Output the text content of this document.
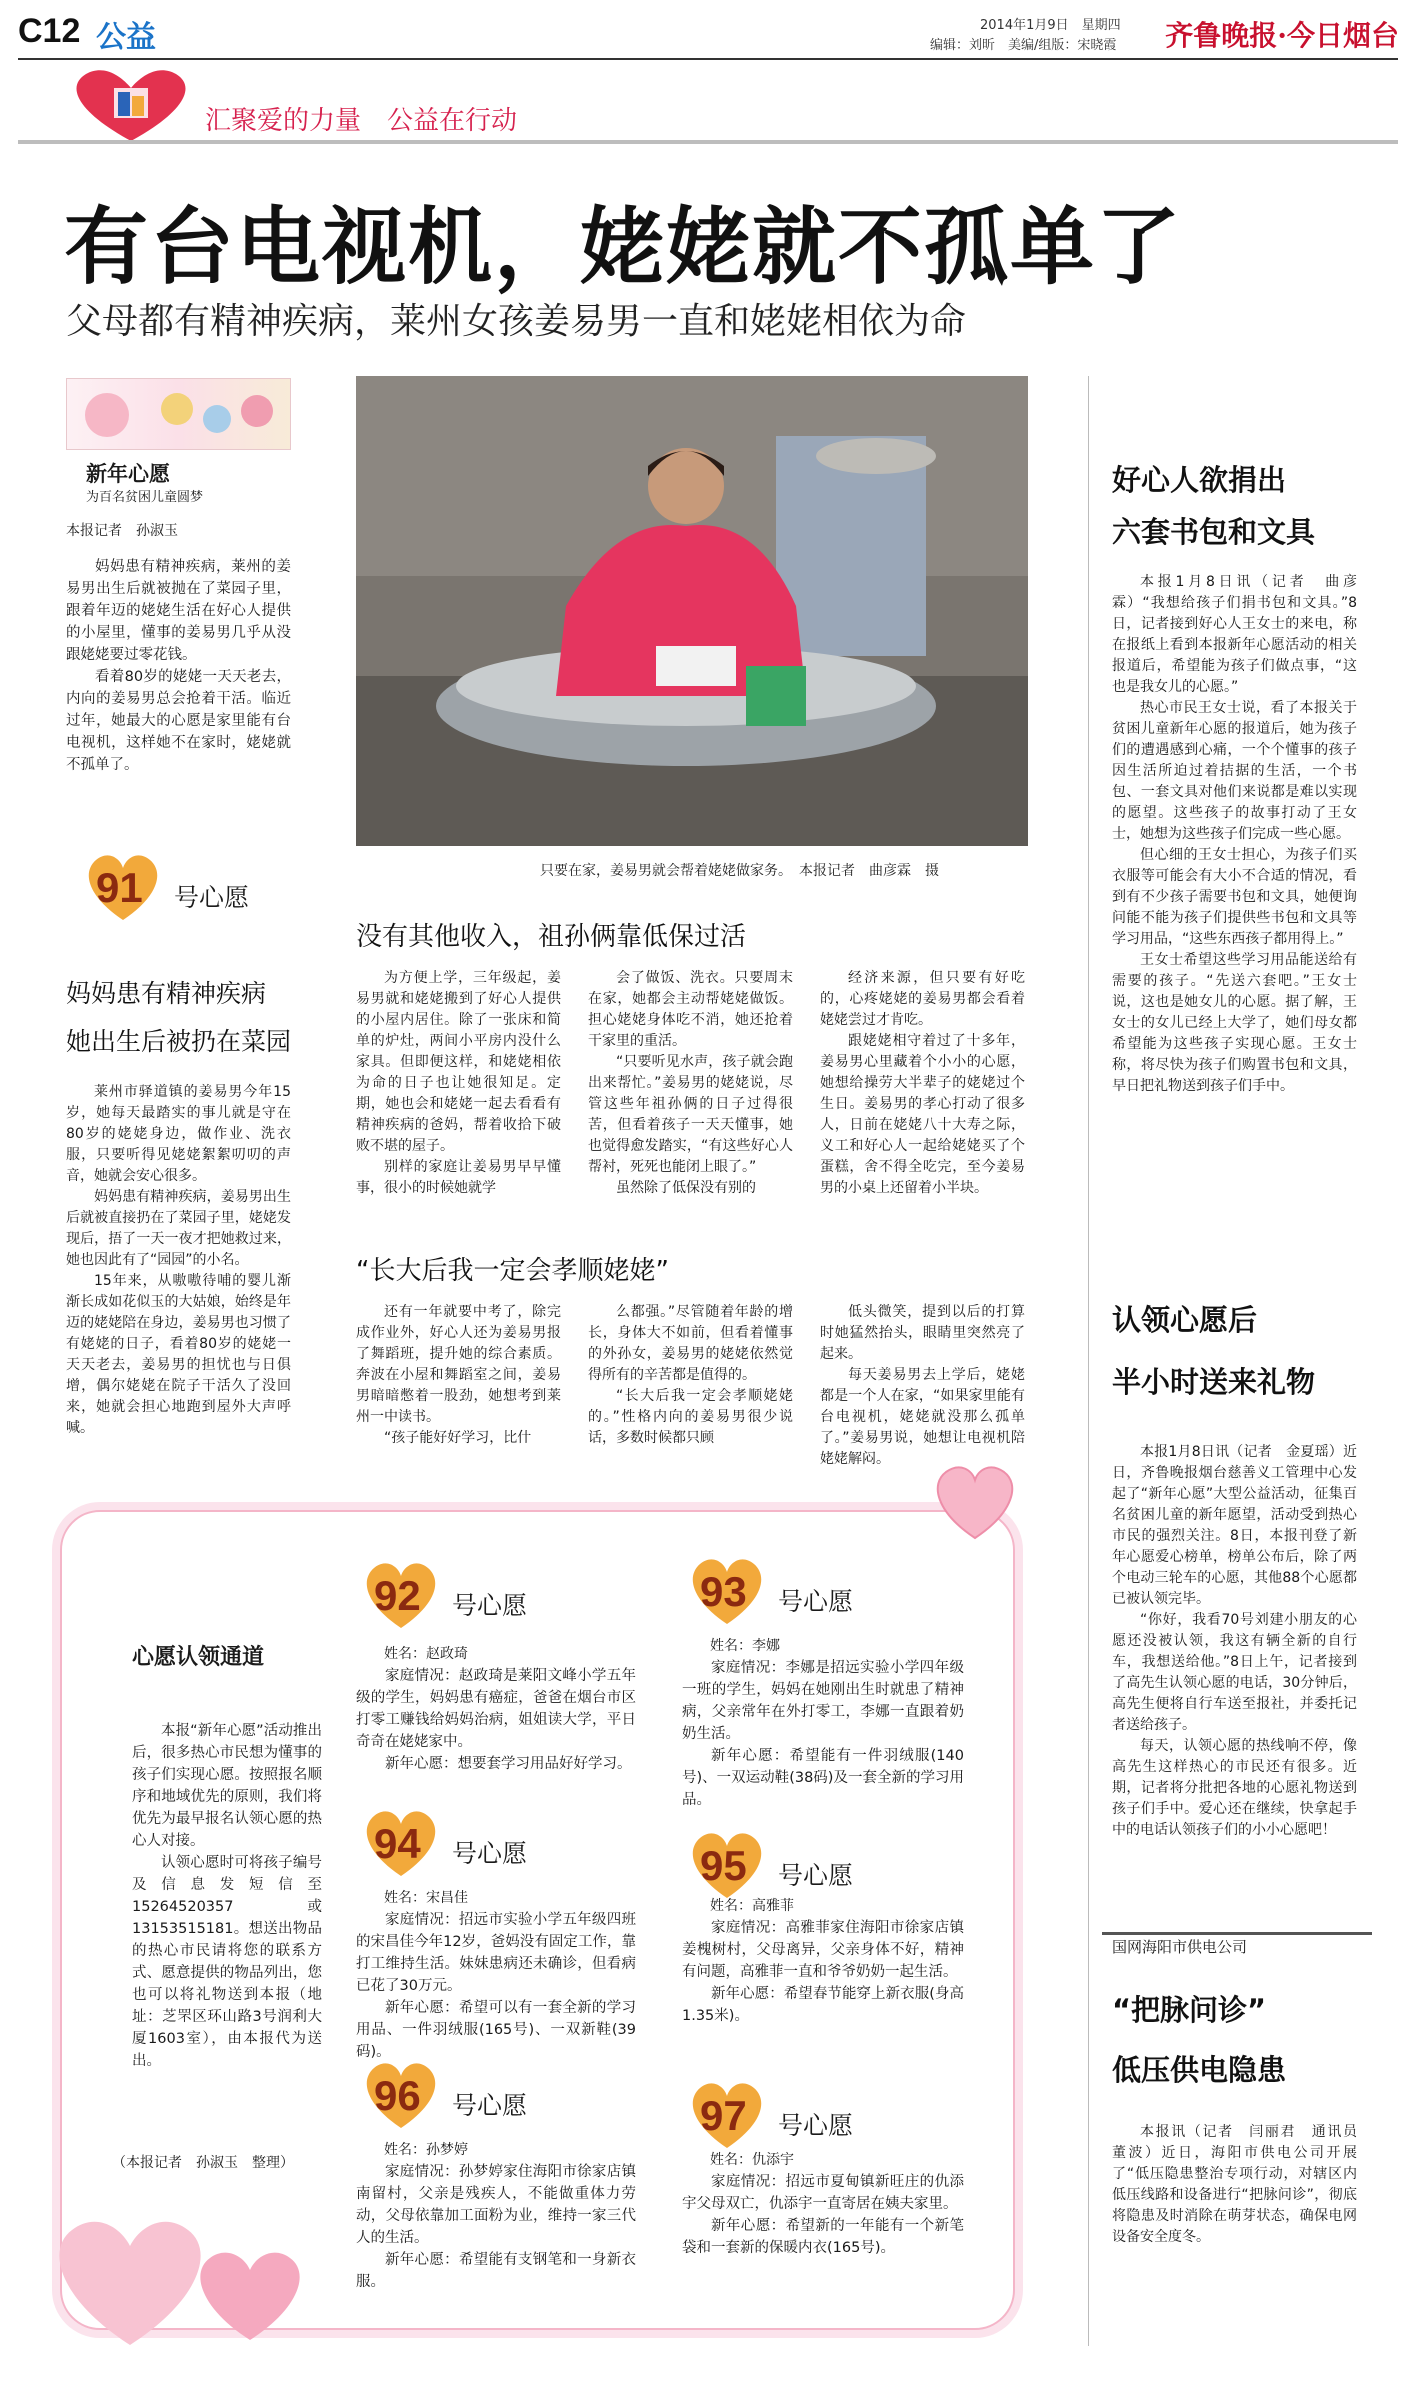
C12 公益	2014年1月9日　星期四
编辑：刘昕　美编/组版：宋晓霞 齐鲁晚报·今日烟台
汇聚爱的力量　公益在行动
有台电视机，姥姥就不孤单了
父母都有精神疾病，莱州女孩姜易男一直和姥姥相依为命
新年心愿
为百名贫困儿童圆梦
本报记者　孙淑玉

妈妈患有精神疾病，莱州的姜易男出生后就被抛在了菜园子里，跟着年迈的姥姥生活在好心人提供的小屋里，懂事的姜易男几乎从没跟姥姥要过零花钱。

看着80岁的姥姥一天天老去，内向的姜易男总会抢着干活。临近过年，她最大的心愿是家里能有台电视机，这样她不在家时，姥姥就不孤单了。

91 号心愿
妈妈患有精神疾病
她出生后被扔在菜园

莱州市驿道镇的姜易男今年15岁，她每天最踏实的事儿就是守在80岁的姥姥身边，做作业、洗衣服，只要听得见姥姥絮絮叨叨的声音，她就会安心很多。

妈妈患有精神疾病，姜易男出生后就被直接扔在了菜园子里，姥姥发现后，捂了一天一夜才把她救过来，她也因此有了“园园”的小名。

15年来，从嗷嗷待哺的婴儿渐渐长成如花似玉的大姑娘，始终是年迈的姥姥陪在身边，姜易男也习惯了有姥姥的日子，看着80岁的姥姥一天天老去，姜易男的担忧也与日俱增，偶尔姥姥在院子干活久了没回来，她就会担心地跑到屋外大声呼喊。

只要在家，姜易男就会帮着姥姥做家务。　本报记者　曲彦霖　摄
没有其他收入，祖孙俩靠低保过活

为方便上学，三年级起，姜易男就和姥姥搬到了好心人提供的小屋内居住。除了一张床和简单的炉灶，两间小平房内没什么家具。但即便这样，和姥姥相依为命的日子也让她很知足。定期，她也会和姥姥一起去看看有精神疾病的爸妈，帮着收拾下破败不堪的屋子。

别样的家庭让姜易男早早懂事，很小的时候她就学

会了做饭、洗衣。只要周末在家，她都会主动帮姥姥做饭。担心姥姥身体吃不消，她还抢着干家里的重活。

“只要听见水声，孩子就会跑出来帮忙。”姜易男的姥姥说，尽管这些年祖孙俩的日子过得很苦，但看着孩子一天天懂事，她也觉得愈发踏实，“有这些好心人帮衬，死死也能闭上眼了。”

虽然除了低保没有别的

经济来源，但只要有好吃的，心疼姥姥的姜易男都会看着姥姥尝过才肯吃。

跟姥姥相守着过了十多年，姜易男心里藏着个小小的心愿，她想给操劳大半辈子的姥姥过个生日。姜易男的孝心打动了很多人，日前在姥姥八十大寿之际，义工和好心人一起给姥姥买了个蛋糕，舍不得全吃完，至今姜易男的小桌上还留着小半块。

“长大后我一定会孝顺姥姥”

还有一年就要中考了，除完成作业外，好心人还为姜易男报了舞蹈班，提升她的综合素质。奔波在小屋和舞蹈室之间，姜易男暗暗憋着一股劲，她想考到莱州一中读书。

“孩子能好好学习，比什

么都强。”尽管随着年龄的增长，身体大不如前，但看着懂事的外孙女，姜易男的姥姥依然觉得所有的辛苦都是值得的。

“长大后我一定会孝顺姥姥的。”性格内向的姜易男很少说话，多数时候都只顾

低头微笑，提到以后的打算时她猛然抬头，眼睛里突然亮了起来。

每天姜易男去上学后，姥姥都是一个人在家，“如果家里能有台电视机，姥姥就没那么孤单了。”姜易男说，她想让电视机陪姥姥解闷。

好心人欲捐出
六套书包和文具

本报1月8日讯（记者　曲彦霖）“我想给孩子们捐书包和文具。”8日，记者接到好心人王女士的来电，称在报纸上看到本报新年心愿活动的相关报道后，希望能为孩子们做点事，“这也是我女儿的心愿。”

热心市民王女士说，看了本报关于贫困儿童新年心愿的报道后，她为孩子们的遭遇感到心痛，一个个懂事的孩子因生活所迫过着拮据的生活，一个书包、一套文具对他们来说都是难以实现的愿望。这些孩子的故事打动了王女士，她想为这些孩子们完成一些心愿。

但心细的王女士担心，为孩子们买衣服等可能会有大小不合适的情况，看到有不少孩子需要书包和文具，她便询问能不能为孩子们提供些书包和文具等学习用品，“这些东西孩子都用得上。”

王女士希望这些学习用品能送给有需要的孩子。“先送六套吧。”王女士说，这也是她女儿的心愿。据了解，王女士的女儿已经上大学了，她们母女都希望能为这些孩子实现心愿。王女士称，将尽快为孩子们购置书包和文具，早日把礼物送到孩子们手中。

认领心愿后
半小时送来礼物

本报1月8日讯（记者　金夏瑶）近日，齐鲁晚报烟台慈善义工管理中心发起了“新年心愿”大型公益活动，征集百名贫困儿童的新年愿望，活动受到热心市民的强烈关注。8日，本报刊登了新年心愿爱心榜单，榜单公布后，除了两个电动三轮车的心愿，其他88个心愿都已被认领完毕。

“你好，我看70号刘建小朋友的心愿还没被认领，我这有辆全新的自行车，我想送给他。”8日上午，记者接到了高先生认领心愿的电话，30分钟后，高先生便将自行车送至报社，并委托记者送给孩子。

每天，认领心愿的热线响不停，像高先生这样热心的市民还有很多。近期，记者将分批把各地的心愿礼物送到孩子们手中。爱心还在继续，快拿起手中的电话认领孩子们的小小心愿吧！

国网海阳市供电公司
“把脉问诊”
低压供电隐患

本报讯（记者　闫丽君　通讯员　董波）近日，海阳市供电公司开展了“低压隐患整治专项行动，对辖区内低压线路和设备进行“把脉问诊”，彻底将隐患及时消除在萌芽状态，确保电网设备安全度冬。

心愿认领通道

本报“新年心愿”活动推出后，很多热心市民想为懂事的孩子们实现心愿。按照报名顺序和地域优先的原则，我们将优先为最早报名认领心愿的热心人对接。

认领心愿时可将孩子编号及信息发短信至15264520357或13153515181。想送出物品的热心市民请将您的联系方式、愿意提供的物品列出，您也可以将礼物送到本报（地址：芝罘区环山路3号润利大厦1603室），由本报代为送出。

（本报记者　孙淑玉　整理）
92 号心愿
姓名：赵政琦

家庭情况：赵政琦是莱阳文峰小学五年级的学生，妈妈患有癌症，爸爸在烟台市区打零工赚钱给妈妈治病，姐姐读大学，平日奇奇在姥姥家中。

新年心愿：想要套学习用品好好学习。

93 号心愿
姓名：李娜

家庭情况：李娜是招远实验小学四年级一班的学生，妈妈在她刚出生时就患了精神病，父亲常年在外打零工，李娜一直跟着奶奶生活。

新年心愿：希望能有一件羽绒服(140号)、一双运动鞋(38码)及一套全新的学习用品。

94 号心愿
姓名：宋昌佳

家庭情况：招远市实验小学五年级四班的宋昌佳今年12岁，爸妈没有固定工作，靠打工维持生活。妹妹患病还未确诊，但看病已花了30万元。

新年心愿：希望可以有一套全新的学习用品、一件羽绒服(165号)、一双新鞋(39码)。

95 号心愿
姓名：高雅菲

家庭情况：高雅菲家住海阳市徐家店镇姜槐树村，父母离异，父亲身体不好，精神有问题，高雅菲一直和爷爷奶奶一起生活。

新年心愿：希望春节能穿上新衣服(身高1.35米)。

96 号心愿
姓名：孙梦婷

家庭情况：孙梦婷家住海阳市徐家店镇南留村，父亲是残疾人，不能做重体力劳动，父母依靠加工面粉为业，维持一家三代人的生活。

新年心愿：希望能有支钢笔和一身新衣服。

97 号心愿
姓名：仇添宇

家庭情况：招远市夏甸镇新旺庄的仇添宇父母双亡，仇添宇一直寄居在姨夫家里。

新年心愿：希望新的一年能有一个新笔袋和一套新的保暖内衣(165号)。
